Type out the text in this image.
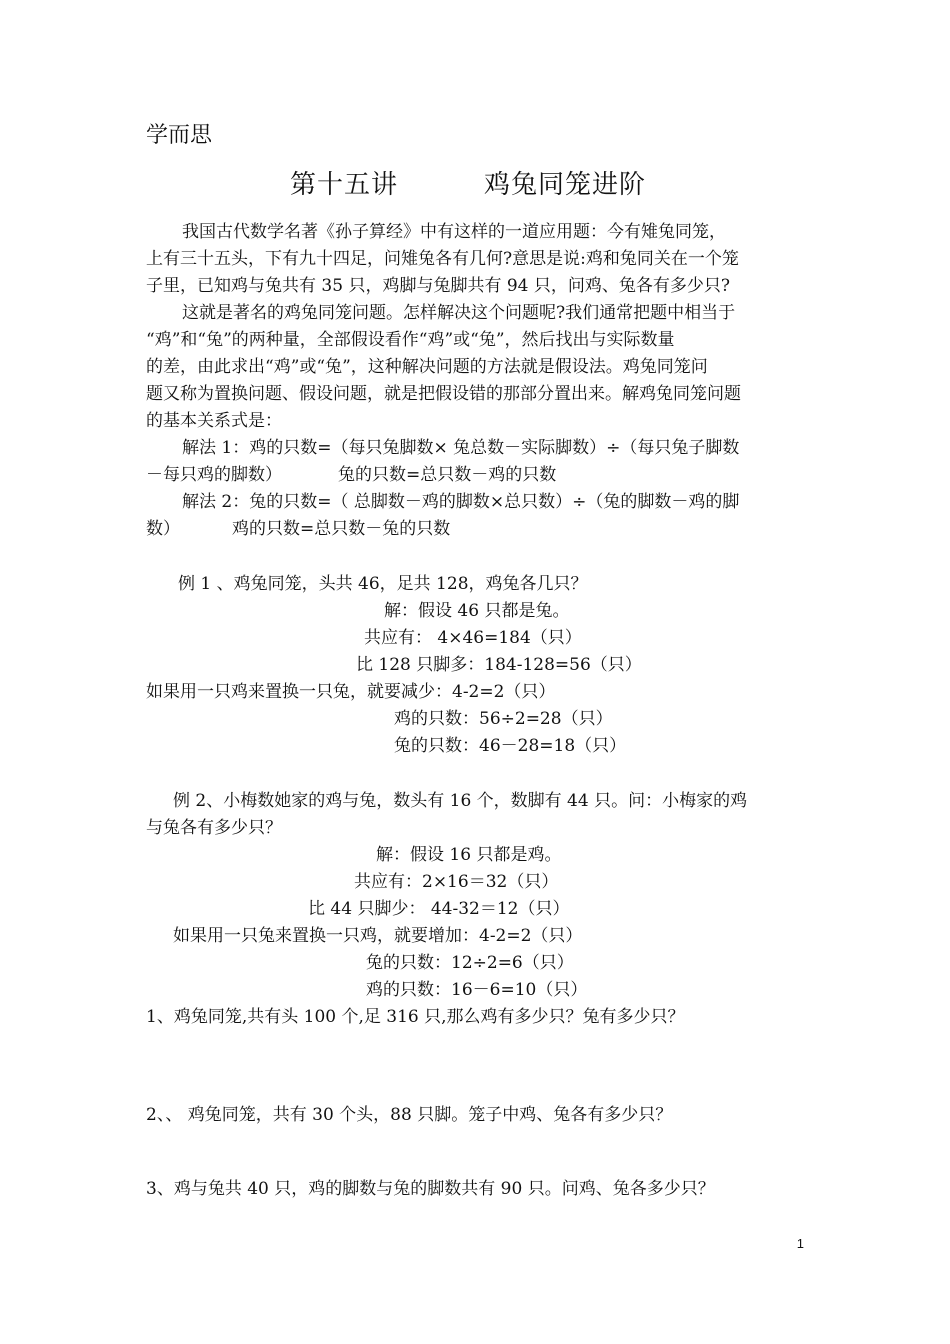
学而思
第十五讲	鸡兔同笼进阶
我国古代数学名著《孙子算经》中有这样的一道应用题：今有雉兔同笼，
上有三十五头，下有九十四足，问雉兔各有几何?意思是说:鸡和兔同关在一个笼
子里，已知鸡与兔共有 35 只，鸡脚与兔脚共有 94 只，问鸡、兔各有多少只?
这就是著名的鸡兔同笼问题。怎样解决这个问题呢?我们通常把题中相当于
“鸡”和“兔”的两种量，全部假设看作“鸡”或“兔”，然后找出与实际数量
的差，由此求出“鸡”或“兔”，这种解决问题的方法就是假设法。鸡兔同笼问
题又称为置换问题、假设问题，就是把假设错的那部分置出来。解鸡兔同笼问题
的基本关系式是：
解法 1：鸡的只数=（每只兔脚数× 兔总数－实际脚数）÷（每只兔子脚数
－每只鸡的脚数）	兔的只数=总只数－鸡的只数
解法 2：兔的只数=（ 总脚数－鸡的脚数×总只数）÷（兔的脚数－鸡的脚
数）	鸡的只数=总只数－兔的只数
例 1 、鸡兔同笼，头共 46，足共 128，鸡兔各几只？
解：假设 46 只都是兔。
共应有： 4×46=184（只）
比 128 只脚多：184-128=56（只）
如果用一只鸡来置换一只兔，就要减少：4-2=2（只）
鸡的只数：56÷2=28（只）
兔的只数：46－28=18（只）
例 2、小梅数她家的鸡与兔，数头有 16 个，数脚有 44 只。问：小梅家的鸡
与兔各有多少只？
解：假设 16 只都是鸡。
共应有：2×16＝32（只）
比 44 只脚少： 44-32＝12（只）
如果用一只兔来置换一只鸡，就要增加：4-2=2（只）
兔的只数：12÷2=6（只）
鸡的只数：16－6=10（只）
1、鸡兔同笼,共有头 100 个,足 316 只,那么鸡有多少只？兔有多少只？
2、、 鸡兔同笼，共有 30 个头，88 只脚。笼子中鸡、兔各有多少只？
3、鸡与兔共 40 只，鸡的脚数与兔的脚数共有 90 只。问鸡、兔各多少只？
1
